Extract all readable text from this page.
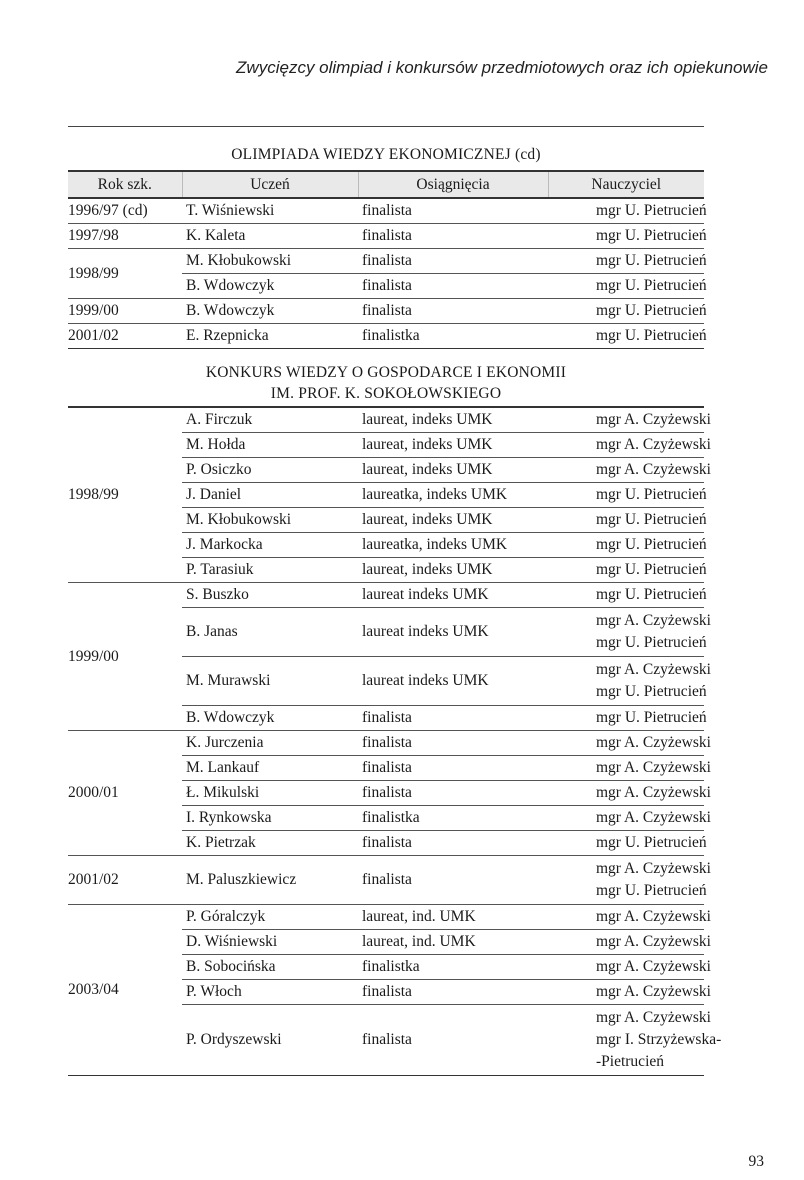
Zwycięzcy olimpiad i konkursów przedmiotowych oraz ich opiekunowie
OLIMPIADA WIEDZY EKONOMICZNEJ (cd)
Rok szk.	Uczeń	Osiągnięcia	Nauczyciel
1996/97 (cd)	T. Wiśniewski	finalista	mgr U. Pietrucień
1997/98	K. Kaleta	finalista	mgr U. Pietrucień
1998/99	M. Kłobukowski	finalista	mgr U. Pietrucień
	B. Wdowczyk	finalista	mgr U. Pietrucień
1999/00	B. Wdowczyk	finalista	mgr U. Pietrucień
2001/02	E. Rzepnicka	finalistka	mgr U. Pietrucień
KONKURS WIEDZY O GOSPODARCE I EKONOMII
IM. PROF. K. SOKOŁOWSKIEGO
1998/99	A. Firczuk	laureat, indeks UMK	mgr A. Czyżewski
	M. Hołda	laureat, indeks UMK	mgr A. Czyżewski
	P. Osiczko	laureat, indeks UMK	mgr A. Czyżewski
	J. Daniel	laureatka, indeks UMK	mgr U. Pietrucień
	M. Kłobukowski	laureat, indeks UMK	mgr U. Pietrucień
	J. Markocka	laureatka, indeks UMK	mgr U. Pietrucień
	P. Tarasiuk	laureat, indeks UMK	mgr U. Pietrucień
1999/00	S. Buszko	laureat indeks UMK	mgr U. Pietrucień
	B. Janas	laureat indeks UMK	mgr A. Czyżewski
mgr U. Pietrucień

	M. Murawski	laureat indeks UMK	mgr A. Czyżewski
mgr U. Pietrucień

	B. Wdowczyk	finalista	mgr U. Pietrucień
2000/01	K. Jurczenia	finalista	mgr A. Czyżewski
	M. Lankauf	finalista	mgr A. Czyżewski
	Ł. Mikulski	finalista	mgr A. Czyżewski
	I. Rynkowska	finalistka	mgr A. Czyżewski
	K. Pietrzak	finalista	mgr U. Pietrucień
2001/02	M. Paluszkiewicz	finalista	mgr A. Czyżewski
mgr U. Pietrucień

2003/04	P. Góralczyk	laureat, ind. UMK	mgr A. Czyżewski
	D. Wiśniewski	laureat, ind. UMK	mgr A. Czyżewski
	B. Sobocińska	finalistka	mgr A. Czyżewski
	P. Włoch	finalista	mgr A. Czyżewski
	P. Ordyszewski	finalista	mgr A. Czyżewski
mgr I. Strzyżewska-
-Pietrucień
93
